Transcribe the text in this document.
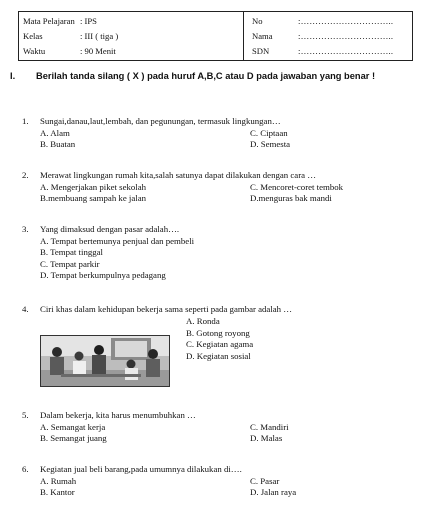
Mata Pelajaran : IPS
Kelas	: III ( tiga )
Waktu	: 90 Menit
No	:…………………………..
Nama	:…………………………..
SDN	:…………………………..
I.	Berilah tanda silang ( X ) pada huruf A,B,C atau D pada jawaban yang benar !
1.	Sungai,danau,laut,lembah, dan pegunungan, termasuk lingkungan…
A. Alam	C. Ciptaan
B. Buatan	D. Semesta
2.	Merawat lingkungan rumah kita,salah satunya dapat dilakukan dengan cara …
A. Mengerjakan piket sekolah	C. Mencoret-coret tembok
B.membuang sampah ke jalan	D.menguras bak mandi
3.	Yang dimaksud dengan pasar adalah….
A. Tempat bertemunya penjual dan pembeli
B. Tempat tinggal
C. Tempat parkir
D. Tempat berkumpulnya pedagang
4.	Ciri khas dalam kehidupan bekerja sama seperti pada gambar adalah …
A. Ronda
B. Gotong royong
C. Kegiatan agama
D. Kegiatan sosial
5.	Dalam bekerja, kita harus menumbuhkan …
A. Semangat kerja	C. Mandiri
B. Semangat juang	D. Malas
6.	Kegiatan jual beli barang,pada umumnya dilakukan di….
A. Rumah	C. Pasar
B. Kantor	D. Jalan raya
